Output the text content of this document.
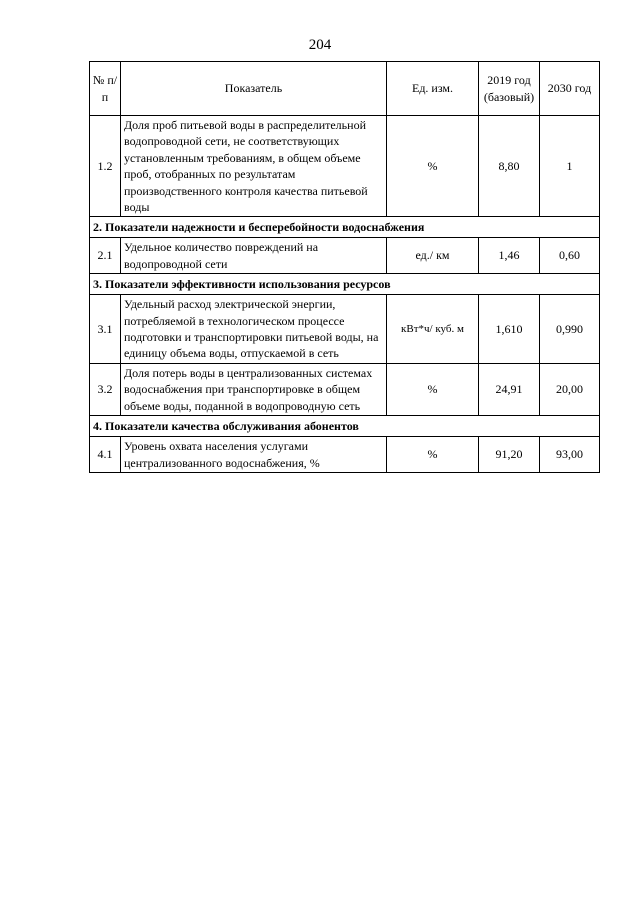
204
№ п/п	Показатель	Ед. изм.	2019 год (базовый)	2030 год
1.2	Доля проб питьевой воды в распределительной водопроводной сети, не соответствующих установленным требованиям, в общем объеме проб, отобранных по результатам производственного контроля качества питьевой воды	%	8,80	1
2. Показатели надежности и бесперебойности водоснабжения				
2.1	Удельное количество повреждений на водопроводной сети	ед./ км	1,46	0,60
3. Показатели эффективности использования ресурсов				
3.1	Удельный расход электрической энергии, потребляемой в технологическом процессе подготовки и транспортировки питьевой воды, на единицу объема воды, отпускаемой в сеть	кВт*ч/ куб. м	1,610	0,990
3.2	Доля потерь воды в централизованных системах водоснабжения при транспортировке в общем объеме воды, поданной в водопроводную сеть	%	24,91	20,00
4. Показатели качества обслуживания абонентов				
4.1	Уровень охвата населения услугами централизованного водоснабжения, %	%	91,20	93,00
